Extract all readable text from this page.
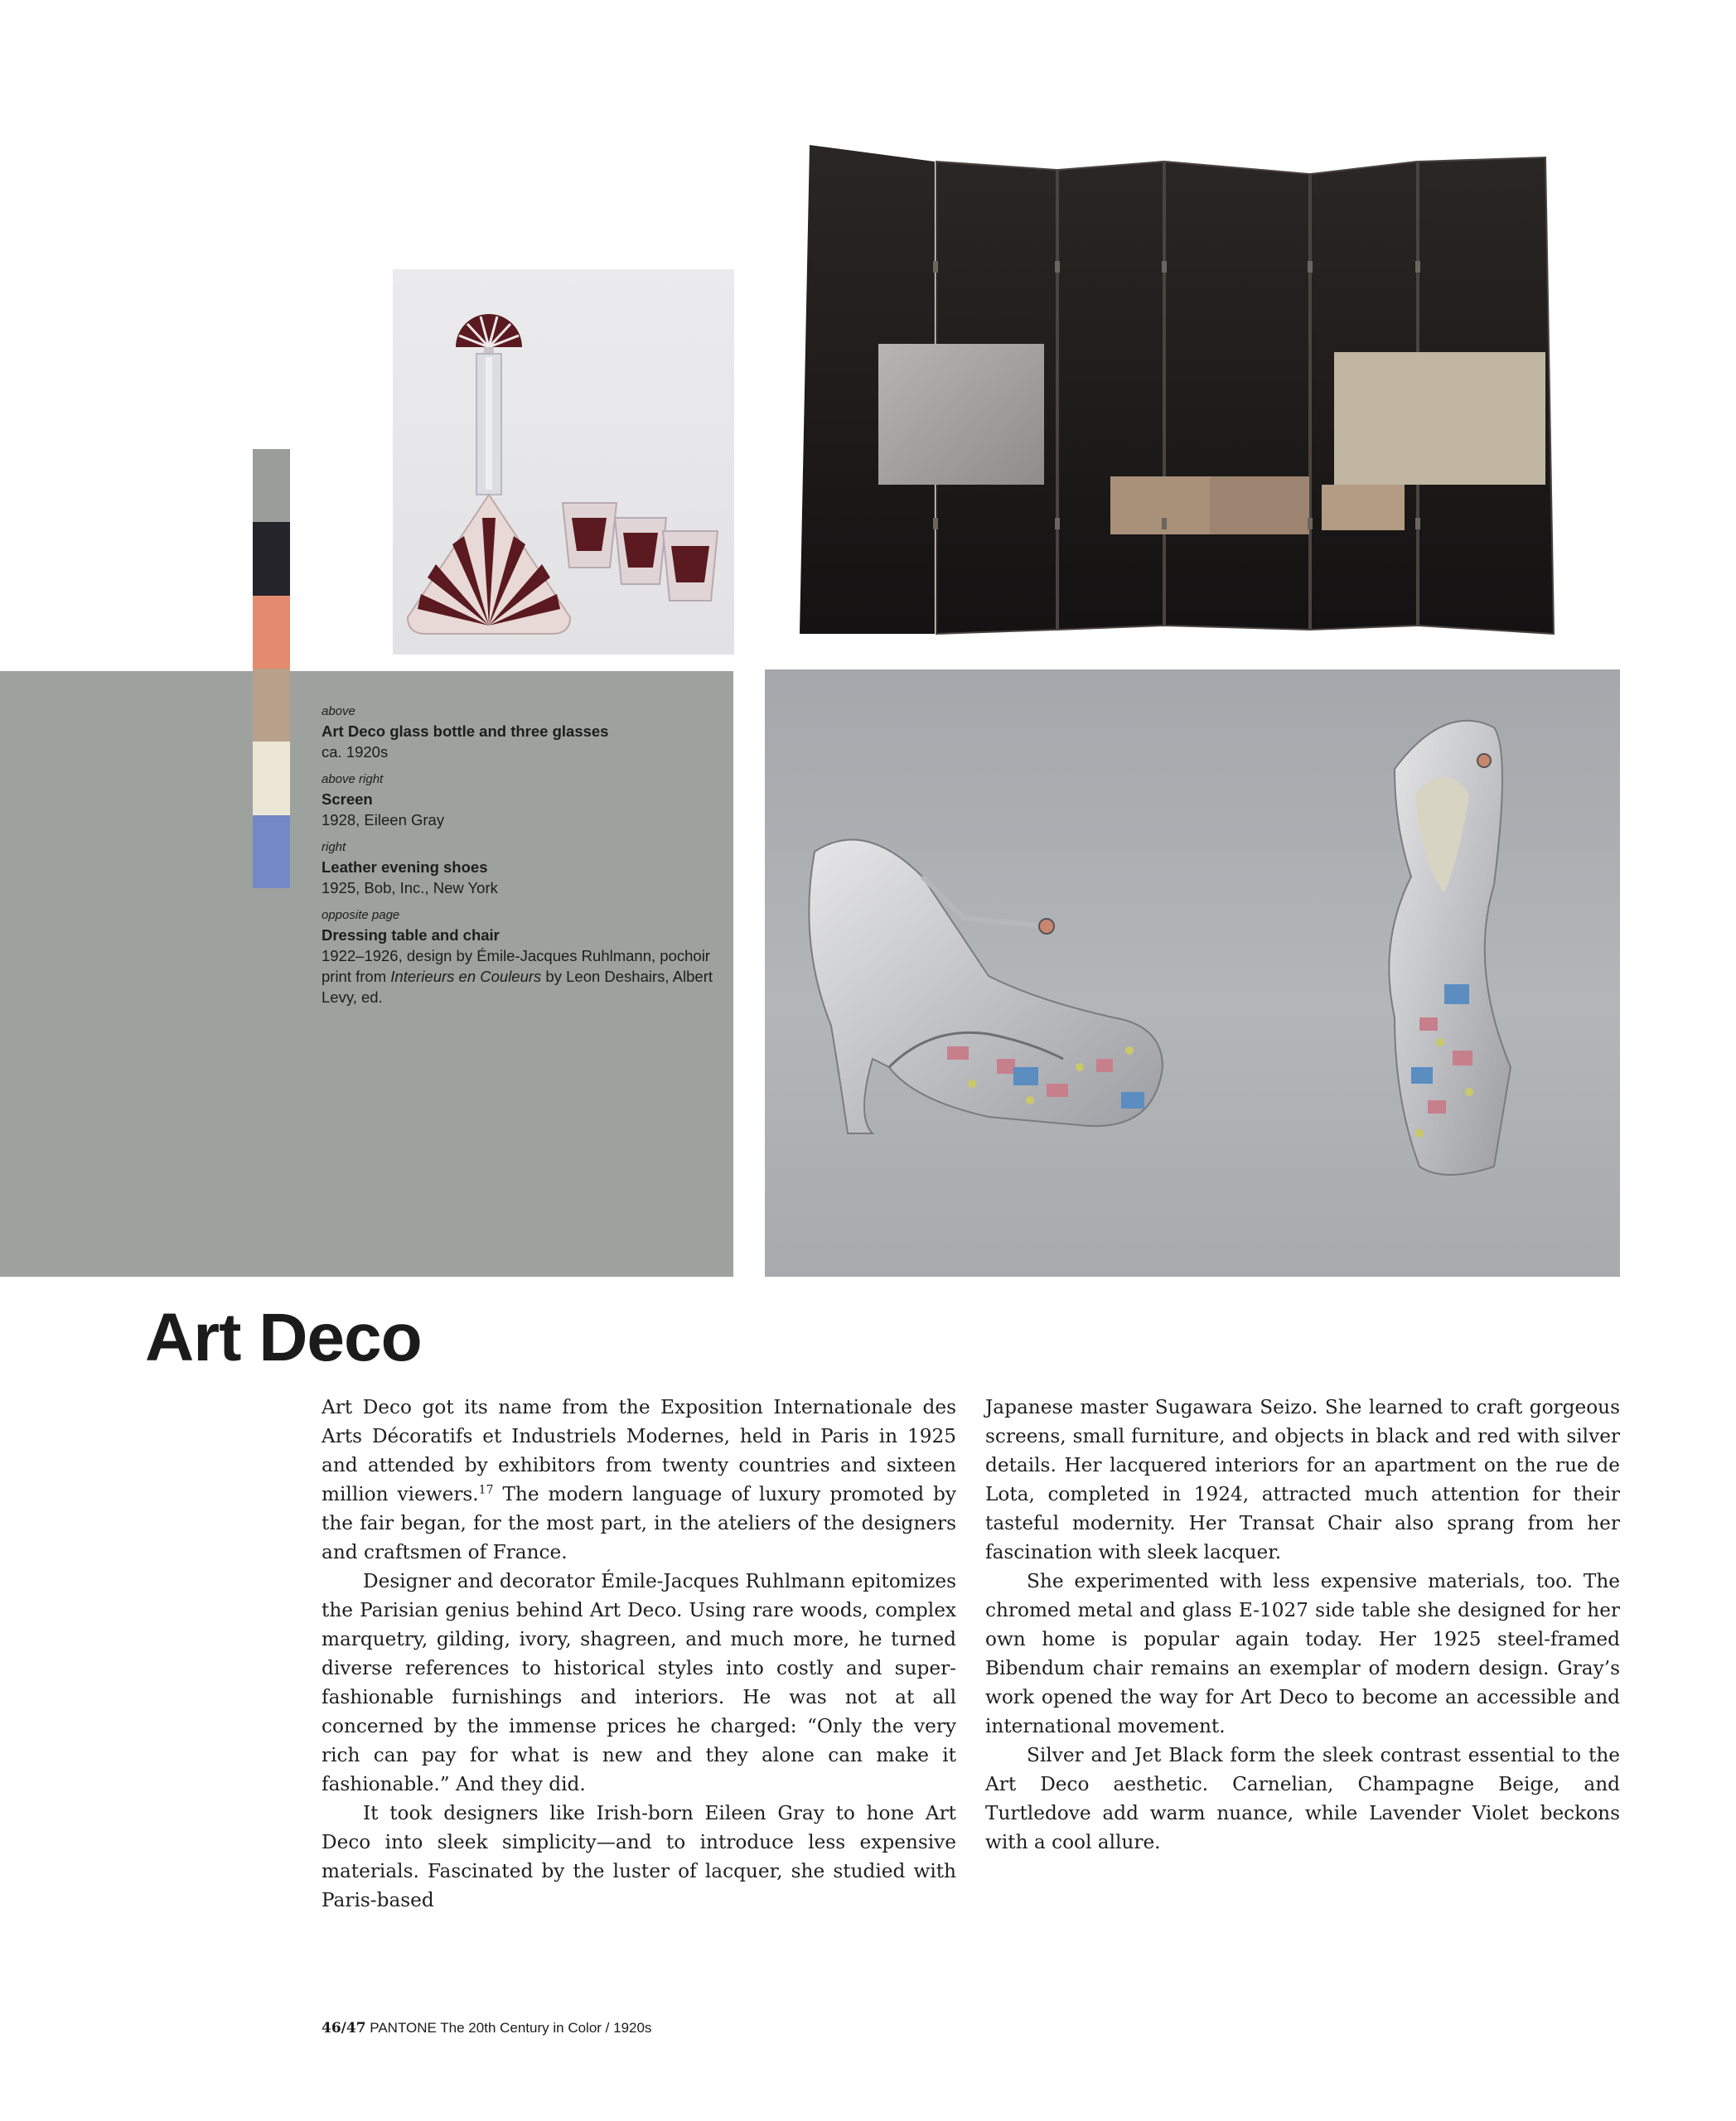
above
Art Deco glass bottle and three glasses
ca. 1920s
above right
Screen
1928, Eileen Gray
right
Leather evening shoes
1925, Bob, Inc., New York
opposite page
Dressing table and chair
1922–1926, design by Émile-Jacques Ruhlmann, pochoir print from Interieurs en Couleurs by Leon Deshairs, Albert Levy, ed.
Art Deco

Art Deco got its name from the Exposition Internationale des Arts Décoratifs et Industriels Modernes, held in Paris in 1925 and attended by exhibitors from twenty countries and sixteen million viewers.$^{17}$ The modern language of luxury promoted by the fair began, for the most part, in the ateliers of the designers and craftsmen of France.

Designer and decorator Émile-Jacques Ruhlmann epitomizes the Parisian genius behind Art Deco. Using rare woods, complex marquetry, gilding, ivory, shagreen, and much more, he turned diverse references to historical styles into costly and super-fashionable furnishings and interiors. He was not at all concerned by the immense prices he charged: “Only the very rich can pay for what is new and they alone can make it fashionable.” And they did.

It took designers like Irish-born Eileen Gray to hone Art Deco into sleek simplicity—and to introduce less expensive materials. Fascinated by the luster of lacquer, she studied with Paris-based

Japanese master Sugawara Seizo. She learned to craft gorgeous screens, small furniture, and objects in black and red with silver details. Her lacquered interiors for an apartment on the rue de Lota, completed in 1924, attracted much attention for their tasteful modernity. Her Transat Chair also sprang from her fascination with sleek lacquer.

She experimented with less expensive materials, too. The chromed metal and glass E-1027 side table she designed for her own home is popular again today. Her 1925 steel-framed Bibendum chair remains an exemplar of modern design. Gray’s work opened the way for Art Deco to become an accessible and international movement.

Silver and Jet Black form the sleek contrast essential to the Art Deco aesthetic. Carnelian, Champagne Beige, and Turtledove add warm nuance, while Lavender Violet beckons with a cool allure.

46/47 PANTONE The 20th Century in Color / 1920s
